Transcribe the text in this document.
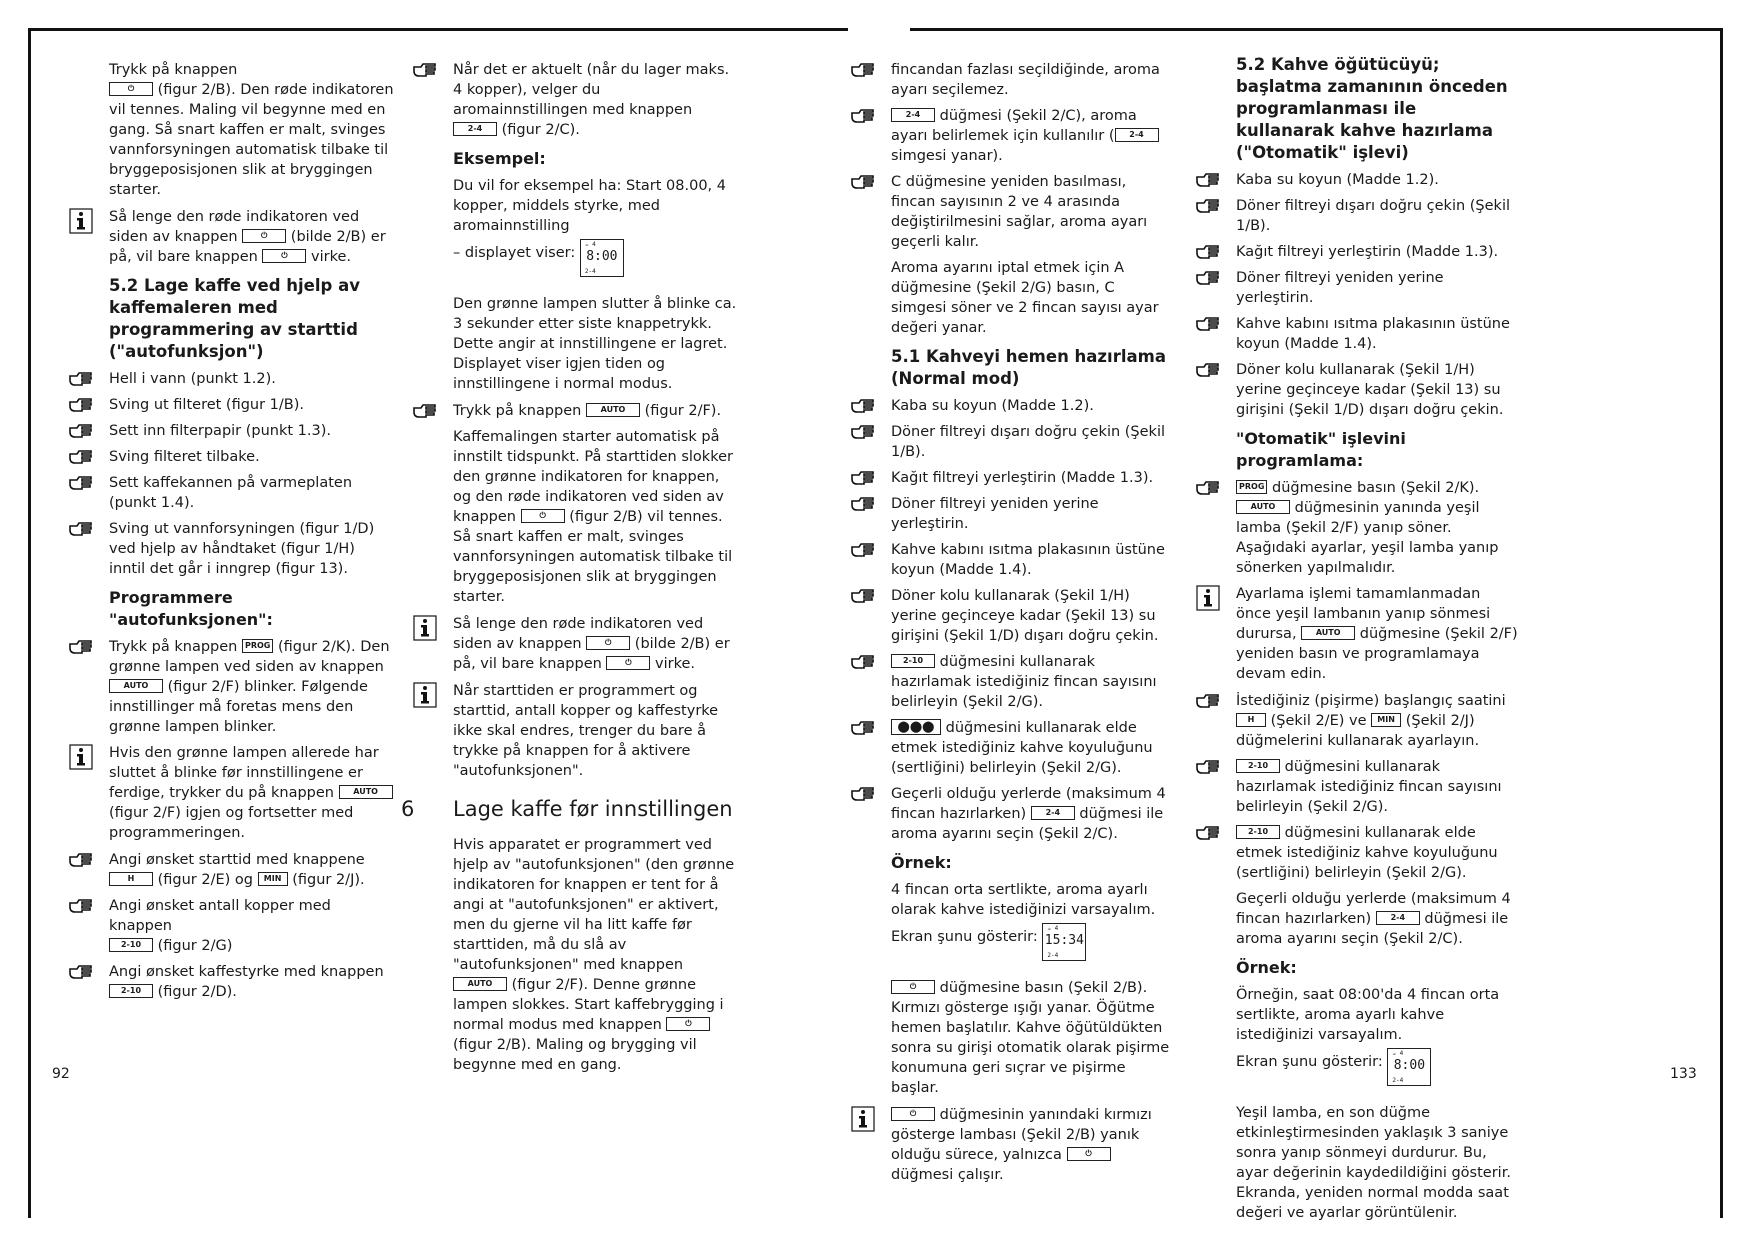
Trykk på knappen
⏻ (figur 2/B). Den røde indikatoren vil tennes. Maling vil begynne med en gang. Så snart kaffen er malt, svinges vannforsyningen automatisk tilbake til bryggeposisjonen slik at bryggingen starter.
Så lenge den røde indikatoren ved siden av knappen	⏻ (bilde 2/B) er på, vil bare knappen	⏻ virke.
5.2 Lage kaffe ved hjelp av kaffemaleren med programmering av starttid ("autofunksjon")
Hell i vann (punkt 1.2).
Sving ut filteret (figur 1/B).
Sett inn filterpapir (punkt 1.3).
Sving filteret tilbake.
Sett kaffekannen på varmeplaten (punkt 1.4).
Sving ut vannforsyningen (figur 1/D) ved hjelp av håndtaket (figur 1/H) inntil det går i inngrep (figur 13).
Programmere "autofunksjonen":
Trykk på knappen PROG (figur 2/K). Den grønne lampen ved siden av knappen AUTO (figur 2/F) blinker. Følgende innstillinger må foretas mens den grønne lampen blinker.
Hvis den grønne lampen allerede har sluttet å blinke før innstillingene er ferdige, trykker du på knappen AUTO (figur 2/F) igjen og fortsetter med programmeringen.
Angi ønsket starttid med knappene H (figur 2/E) og MIN (figur 2/J).
Angi ønsket antall kopper med knappen
2-10 (figur 2/G)
Angi ønsket kaffestyrke med knappen 2-10 (figur 2/D).
Når det er aktuelt (når du lager maks. 4 kopper), velger du aromainnstillingen med knappen 2-4 (figur 2/C).
Eksempel:
Du vil for eksempel ha: Start 08.00, 4 kopper, middels styrke, med aromainnstilling
– displayet viser:
☕ 4
8:00
2-4
Den grønne lampen slutter å blinke ca. 3 sekunder etter siste knappetrykk. Dette angir at innstillingene er lagret. Displayet viser igjen tiden og innstillingene i normal modus.
Trykk på knappen AUTO (figur 2/F).
Kaffemalingen starter automatisk på innstilt tidspunkt. På starttiden slokker den grønne indikatoren for knappen, og den røde indikatoren ved siden av knappen	⏻ (figur 2/B) vil tennes. Så snart kaffen er malt, svinges vannforsyningen automatisk tilbake til bryggeposisjonen slik at bryggingen starter.
Så lenge den røde indikatoren ved siden av knappen	⏻ (bilde 2/B) er på, vil bare knappen	⏻ virke.
Når starttiden er programmert og starttid, antall kopper og kaffestyrke ikke skal endres, trenger du bare å trykke på knappen for å aktivere "autofunksjonen".
6 Lage kaffe før innstillingen
Hvis apparatet er programmert ved hjelp av "autofunksjonen" (den grønne indikatoren for knappen er tent for å angi at "autofunksjonen" er aktivert, men du gjerne vil ha litt kaffe før starttiden, må du slå av "autofunksjonen" med knappen AUTO (figur 2/F). Denne grønne lampen slokkes. Start kaffebrygging i normal modus med knappen	⏻ (figur 2/B). Maling og brygging vil begynne med en gang.
92
fincandan fazlası seçildiğinde, aroma ayarı seçilemez.
2-4 düğmesi (Şekil 2/C), aroma ayarı belirlemek için kullanılır ( 2-4 simgesi yanar).
C düğmesine yeniden basılması, fincan sayısının 2 ve 4 arasında değiştirilmesini sağlar, aroma ayarı geçerli kalır.
Aroma ayarını iptal etmek için A düğmesine (Şekil 2/G) basın, C simgesi söner ve 2 fincan sayısı ayar değeri yanar.
5.1 Kahveyi hemen hazırlama (Normal mod)
Kaba su koyun (Madde 1.2).
Döner filtreyi dışarı doğru çekin (Şekil 1/B).
Kağıt filtreyi yerleştirin (Madde 1.3).
Döner filtreyi yeniden yerine yerleştirin.
Kahve kabını ısıtma plakasının üstüne koyun (Madde 1.4).
Döner kolu kullanarak (Şekil 1/H) yerine geçinceye kadar (Şekil 13) su girişini (Şekil 1/D) dışarı doğru çekin.
2-10 düğmesini kullanarak hazırlamak istediğiniz fincan sayısını belirleyin (Şekil 2/G).
⬤⬤⬤ düğmesini kullanarak elde etmek istediğiniz kahve koyuluğunu (sertliğini) belirleyin (Şekil 2/G).
Geçerli olduğu yerlerde (maksimum 4 fincan hazırlarken) 2-4 düğmesi ile aroma ayarını seçin (Şekil 2/C).
Örnek:
4 fincan orta sertlikte, aroma ayarlı olarak kahve istediğinizi varsayalım.
Ekran şunu gösterir:
☕ 4
15:34
2-4
⏻ düğmesine basın (Şekil 2/B). Kırmızı gösterge ışığı yanar. Öğütme hemen başlatılır. Kahve öğütüldükten sonra su girişi otomatik olarak pişirme konumuna geri sıçrar ve pişirme başlar.
⏻ düğmesinin yanındaki kırmızı gösterge lambası (Şekil 2/B) yanık olduğu sürece, yalnızca	⏻ düğmesi çalışır.
5.2 Kahve öğütücüyü; başlatma zamanının önceden programlanması ile kullanarak kahve hazırlama ("Otomatik" işlevi)
Kaba su koyun (Madde 1.2).
Döner filtreyi dışarı doğru çekin (Şekil 1/B).
Kağıt filtreyi yerleştirin (Madde 1.3).
Döner filtreyi yeniden yerine yerleştirin.
Kahve kabını ısıtma plakasının üstüne koyun (Madde 1.4).
Döner kolu kullanarak (Şekil 1/H) yerine geçinceye kadar (Şekil 13) su girişini (Şekil 1/D) dışarı doğru çekin.
"Otomatik" işlevini programlama:
PROG düğmesine basın (Şekil 2/K). AUTO düğmesinin yanında yeşil lamba (Şekil 2/F) yanıp söner. Aşağıdaki ayarlar, yeşil lamba yanıp sönerken yapılmalıdır.
Ayarlama işlemi tamamlanmadan önce yeşil lambanın yanıp sönmesi durursa, AUTO düğmesine (Şekil 2/F) yeniden basın ve programlamaya devam edin.
İstediğiniz (pişirme) başlangıç saatini H (Şekil 2/E) ve MIN (Şekil 2/J) düğmelerini kullanarak ayarlayın.
2-10 düğmesini kullanarak hazırlamak istediğiniz fincan sayısını belirleyin (Şekil 2/G).
2-10 düğmesini kullanarak elde etmek istediğiniz kahve koyuluğunu (sertliğini) belirleyin (Şekil 2/G).
Geçerli olduğu yerlerde (maksimum 4 fincan hazırlarken) 2-4 düğmesi ile aroma ayarını seçin (Şekil 2/C).
Örnek:
Örneğin, saat 08:00'da 4 fincan orta sertlikte, aroma ayarlı kahve istediğinizi varsayalım.
Ekran şunu gösterir:
☕ 4
8:00
2-4
Yeşil lamba, en son düğme etkinleştirmesinden yaklaşık 3 saniye sonra yanıp sönmeyi durdurur. Bu, ayar değerinin kaydedildiğini gösterir. Ekranda, yeniden normal modda saat değeri ve ayarlar görüntülenir.
133
